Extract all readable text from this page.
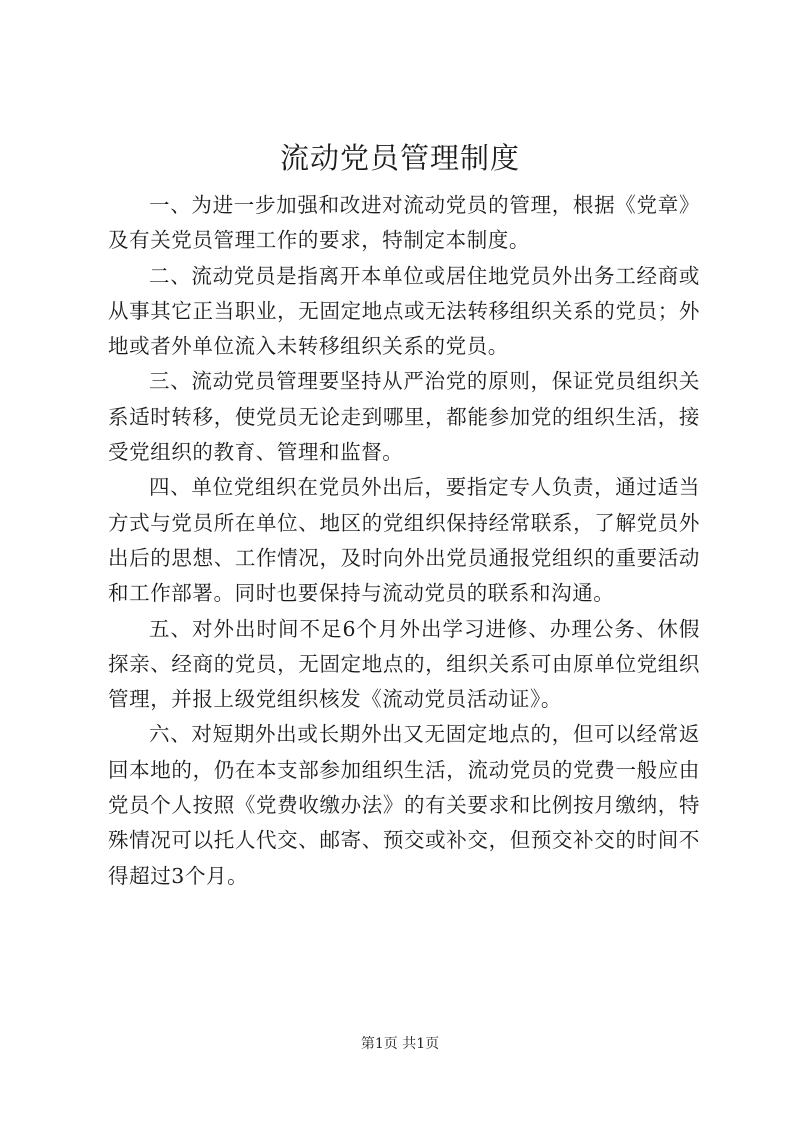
流动党员管理制度

一、为进一步加强和改进对流动党员的管理，根据《党章》及有关党员管理工作的要求，特制定本制度。

二、流动党员是指离开本单位或居住地党员外出务工经商或从事其它正当职业，无固定地点或无法转移组织关系的党员；外地或者外单位流入未转移组织关系的党员。

三、流动党员管理要坚持从严治党的原则，保证党员组织关系适时转移，使党员无论走到哪里，都能参加党的组织生活，接受党组织的教育、管理和监督。

四、单位党组织在党员外出后，要指定专人负责，通过适当方式与党员所在单位、地区的党组织保持经常联系，了解党员外出后的思想、工作情况，及时向外出党员通报党组织的重要活动和工作部署。同时也要保持与流动党员的联系和沟通。

五、对外出时间不足6个月外出学习进修、办理公务、休假探亲、经商的党员，无固定地点的，组织关系可由原单位党组织管理，并报上级党组织核发《流动党员活动证》。

六、对短期外出或长期外出又无固定地点的，但可以经常返回本地的，仍在本支部参加组织生活，流动党员的党费一般应由党员个人按照《党费收缴办法》的有关要求和比例按月缴纳，特殊情况可以托人代交、邮寄、预交或补交，但预交补交的时间不得超过3个月。

第1页 共1页
